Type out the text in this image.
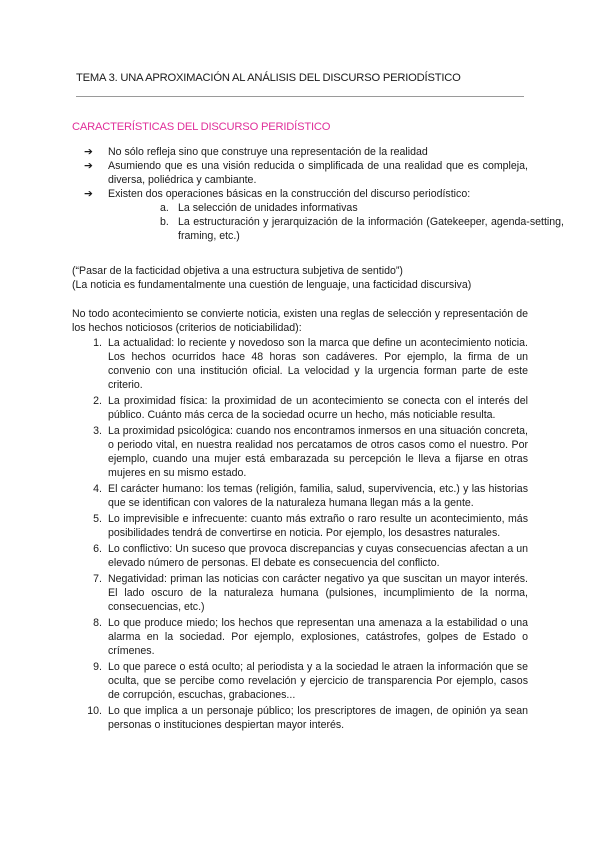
TEMA 3. UNA APROXIMACIÓN AL ANÁLISIS DEL DISCURSO PERIODÍSTICO
CARACTERÍSTICAS DEL DISCURSO PERIDÍSTICO
➔ No sólo refleja sino que construye una representación de la realidad
➔ Asumiendo que es una visión reducida o simplificada de una realidad que es compleja, diversa, poliédrica y cambiante.
➔ Existen dos operaciones básicas en la construcción del discurso periodístico:
a. La selección de unidades informativas
b. La estructuración y jerarquización de la información (Gatekeeper, agenda-setting, framing, etc.)
(“Pasar de la facticidad objetiva a una estructura subjetiva de sentido”)
(La noticia es fundamentalmente una cuestión de lenguaje, una facticidad discursiva)

No todo acontecimiento se convierte noticia, existen una reglas de selección y representación de los hechos noticiosos (criterios de noticiabilidad):

1. La actualidad: lo reciente y novedoso son la marca que define un acontecimiento noticia. Los hechos ocurridos hace 48 horas son cadáveres. Por ejemplo, la firma de un convenio con una institución oficial. La velocidad y la urgencia forman parte de este criterio.
2. La proximidad física: la proximidad de un acontecimiento se conecta con el interés del público. Cuánto más cerca de la sociedad ocurre un hecho, más noticiable resulta.
3. La proximidad psicológica: cuando nos encontramos inmersos en una situación concreta, o periodo vital, en nuestra realidad nos percatamos de otros casos como el nuestro. Por ejemplo, cuando una mujer está embarazada su percepción le lleva a fijarse en otras mujeres en su mismo estado.
4. El carácter humano: los temas (religión, familia, salud, supervivencia, etc.) y las historias que se identifican con valores de la naturaleza humana llegan más a la gente.
5. Lo imprevisible e infrecuente: cuanto más extraño o raro resulte un acontecimiento, más posibilidades tendrá de convertirse en noticia. Por ejemplo, los desastres naturales.
6. Lo conflictivo: Un suceso que provoca discrepancias y cuyas consecuencias afectan a un elevado número de personas. El debate es consecuencia del conflicto.
7. Negatividad: priman las noticias con carácter negativo ya que suscitan un mayor interés. El lado oscuro de la naturaleza humana (pulsiones, incumplimiento de la norma, consecuencias, etc.)
8. Lo que produce miedo; los hechos que representan una amenaza a la estabilidad o una alarma en la sociedad. Por ejemplo, explosiones, catástrofes, golpes de Estado o crímenes.
9. Lo que parece o está oculto; al periodista y a la sociedad le atraen la información que se oculta, que se percibe como revelación y ejercicio de transparencia Por ejemplo, casos de corrupción, escuchas, grabaciones...
10. Lo que implica a un personaje público; los prescriptores de imagen, de opinión ya sean personas o instituciones despiertan mayor interés.
